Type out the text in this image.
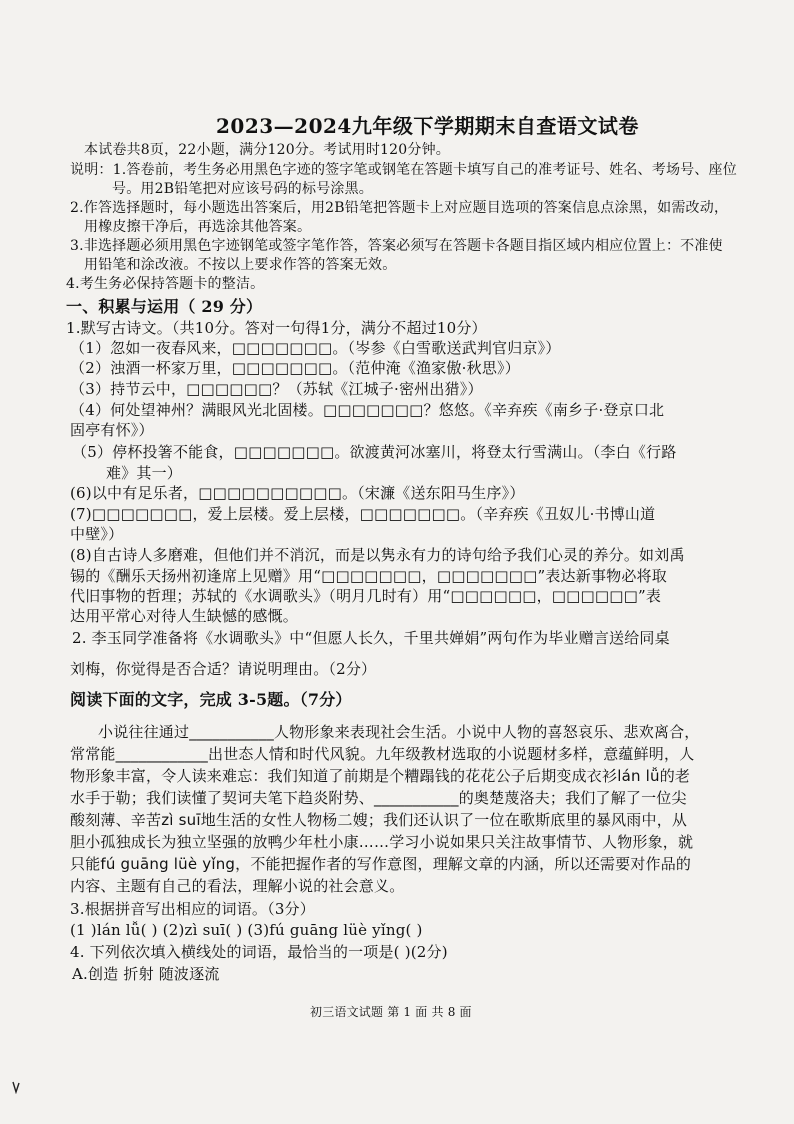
2023—2024九年级下学期期末自查语文试卷
本试卷共8页，22小题，满分120分。考试用时120分钟。
说明：1.答卷前，考生务必用黑色字迹的签字笔或钢笔在答题卡填写自己的准考证号、姓名、考场号、座位
号。用2B铅笔把对应该号码的标号涂黑。
2.作答选择题时，每小题选出答案后，用2B铅笔把答题卡上对应题目选项的答案信息点涂黑，如需改动，
用橡皮擦干净后，再选涂其他答案。
3.非选择题必须用黑色字迹钢笔或签字笔作答，答案必须写在答题卡各题目指区域内相应位置上：不准使
用铅笔和涂改液。不按以上要求作答的答案无效。
4.考生务必保持答题卡的整洁。
一、积累与运用（ 29 分）
1.默写古诗文。（共10分。答对一句得1分，满分不超过10分）
（1）忽如一夜春风来，□□□□□□□。（岑参《白雪歌送武判官归京》）
（2）浊酒一杯家万里，□□□□□□□。（范仲淹《渔家傲·秋思》）
（3）持节云中，□□□□□□？（苏轼《江城子·密州出猎》）
（4）何处望神州？满眼风光北固楼。□□□□□□□？悠悠。《辛弃疾《南乡子·登京口北
固亭有怀》）
（5）停杯投箸不能食，□□□□□□□。欲渡黄河冰塞川，将登太行雪满山。（李白《行路
难》其一）
(6)以中有足乐者，□□□□□□□□□□。（宋濂《送东阳马生序》）
(7)□□□□□□□，爱上层楼。爱上层楼，□□□□□□□。（辛弃疾《丑奴儿·书博山道
中壁》）
(8)自古诗人多磨难，但他们并不消沉，而是以隽永有力的诗句给予我们心灵的养分。如刘禹
锡的《酬乐天扬州初逢席上见赠》用“□□□□□□□，□□□□□□□”表达新事物必将取
代旧事物的哲理；苏轼的《水调歌头》（明月几时有）用“□□□□□□，□□□□□□”表
达用平常心对待人生缺憾的感慨。
2. 李玉同学准备将《水调歌头》中“但愿人长久，千里共婵娟”两句作为毕业赠言送给同桌
刘梅，你觉得是否合适？请说明理由。（2分）
阅读下面的文字，完成 3-5题。（7分）
小说往往通过___________人物形象来表现社会生活。小说中人物的喜怒哀乐、悲欢离合，
常常能____________出世态人情和时代风貌。九年级教材选取的小说题材多样，意蕴鲜明，人
物形象丰富，令人读来难忘：我们知道了前期是个糟蹋钱的花花公子后期变成衣衫lán lǚ的老
水手于勒；我们读懂了契诃夫笔下趋炎附势、___________的奥楚蔑洛夫；我们了解了一位尖
酸刻薄、辛苦zì suī地生活的女性人物杨二嫂；我们还认识了一位在歌斯底里的暴风雨中，从
胆小孤独成长为独立坚强的放鸭少年杜小康……学习小说如果只关注故事情节、人物形象，就
只能fú guāng lüè yǐng，不能把握作者的写作意图，理解文章的内涵，所以还需要对作品的
内容、主题有自己的看法，理解小说的社会意义。
3.根据拼音写出相应的词语。（3分）
(1 )lán lǚ( ) (2)zì suī( ) (3)fú guāng lüè yǐng( )
4. 下列依次填入横线处的词语，最恰当的一项是( )(2分)
A.创造 折射 随波逐流
初三语文试题 第 1 面 共 8 面
